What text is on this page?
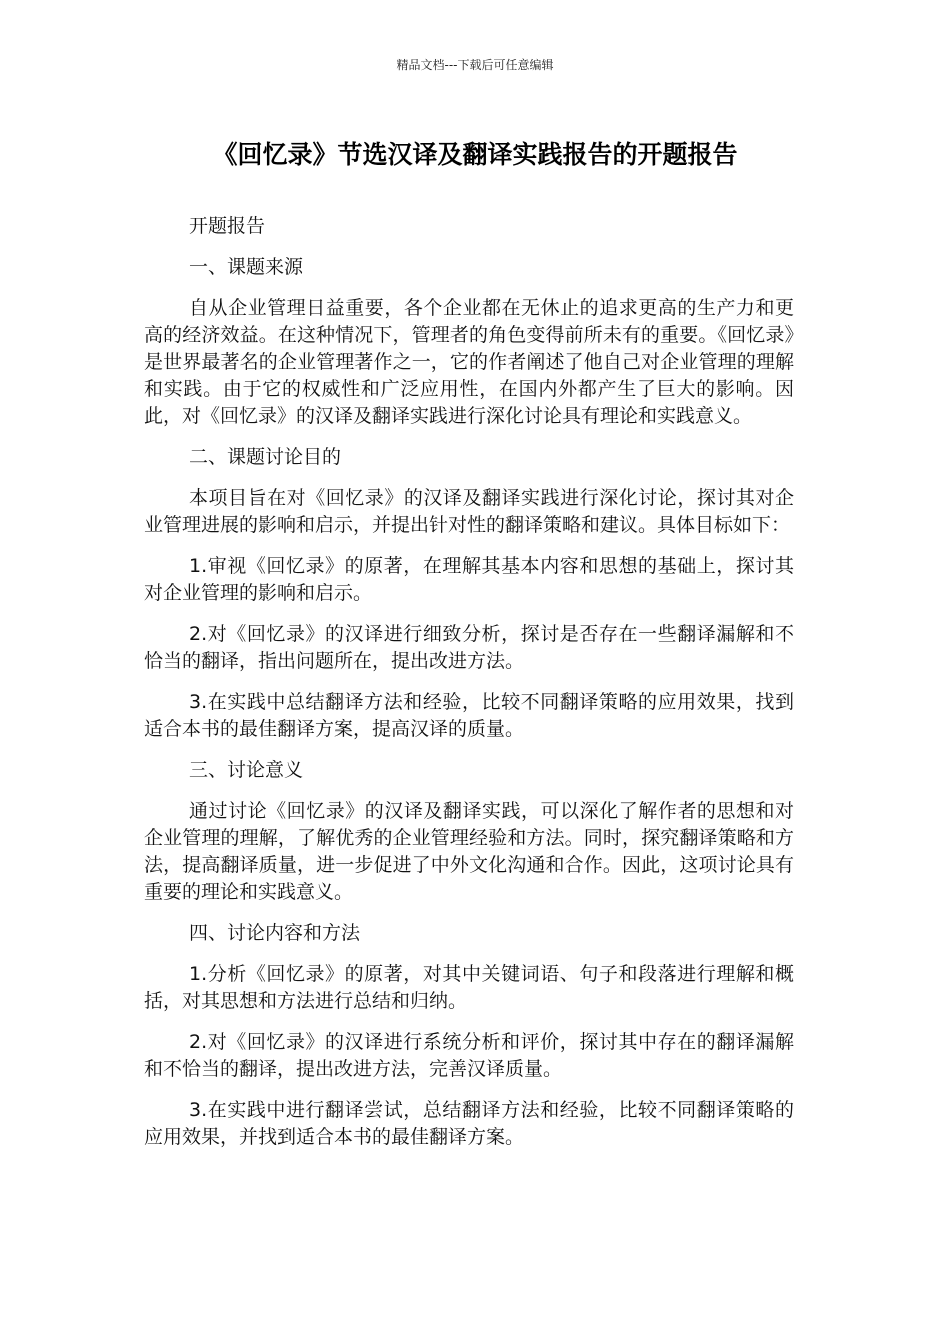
精品文档---下载后可任意编辑
《回忆录》节选汉译及翻译实践报告的开题报告

开题报告

一、课题来源

自从企业管理日益重要，各个企业都在无休止的追求更高的生产力和更高的经济效益。在这种情况下，管理者的角色变得前所未有的重要。《回忆录》是世界最著名的企业管理著作之一，它的作者阐述了他自己对企业管理的理解和实践。由于它的权威性和广泛应用性，在国内外都产生了巨大的影响。因此，对《回忆录》的汉译及翻译实践进行深化讨论具有理论和实践意义。

二、课题讨论目的

本项目旨在对《回忆录》的汉译及翻译实践进行深化讨论，探讨其对企业管理进展的影响和启示，并提出针对性的翻译策略和建议。具体目标如下：

1.审视《回忆录》的原著，在理解其基本内容和思想的基础上，探讨其对企业管理的影响和启示。

2.对《回忆录》的汉译进行细致分析，探讨是否存在一些翻译漏解和不恰当的翻译，指出问题所在，提出改进方法。

3.在实践中总结翻译方法和经验，比较不同翻译策略的应用效果，找到适合本书的最佳翻译方案，提高汉译的质量。

三、讨论意义

通过讨论《回忆录》的汉译及翻译实践，可以深化了解作者的思想和对企业管理的理解，了解优秀的企业管理经验和方法。同时，探究翻译策略和方法，提高翻译质量，进一步促进了中外文化沟通和合作。因此，这项讨论具有重要的理论和实践意义。

四、讨论内容和方法

1.分析《回忆录》的原著，对其中关键词语、句子和段落进行理解和概括，对其思想和方法进行总结和归纳。

2.对《回忆录》的汉译进行系统分析和评价，探讨其中存在的翻译漏解和不恰当的翻译，提出改进方法，完善汉译质量。

3.在实践中进行翻译尝试，总结翻译方法和经验，比较不同翻译策略的应用效果，并找到适合本书的最佳翻译方案。
